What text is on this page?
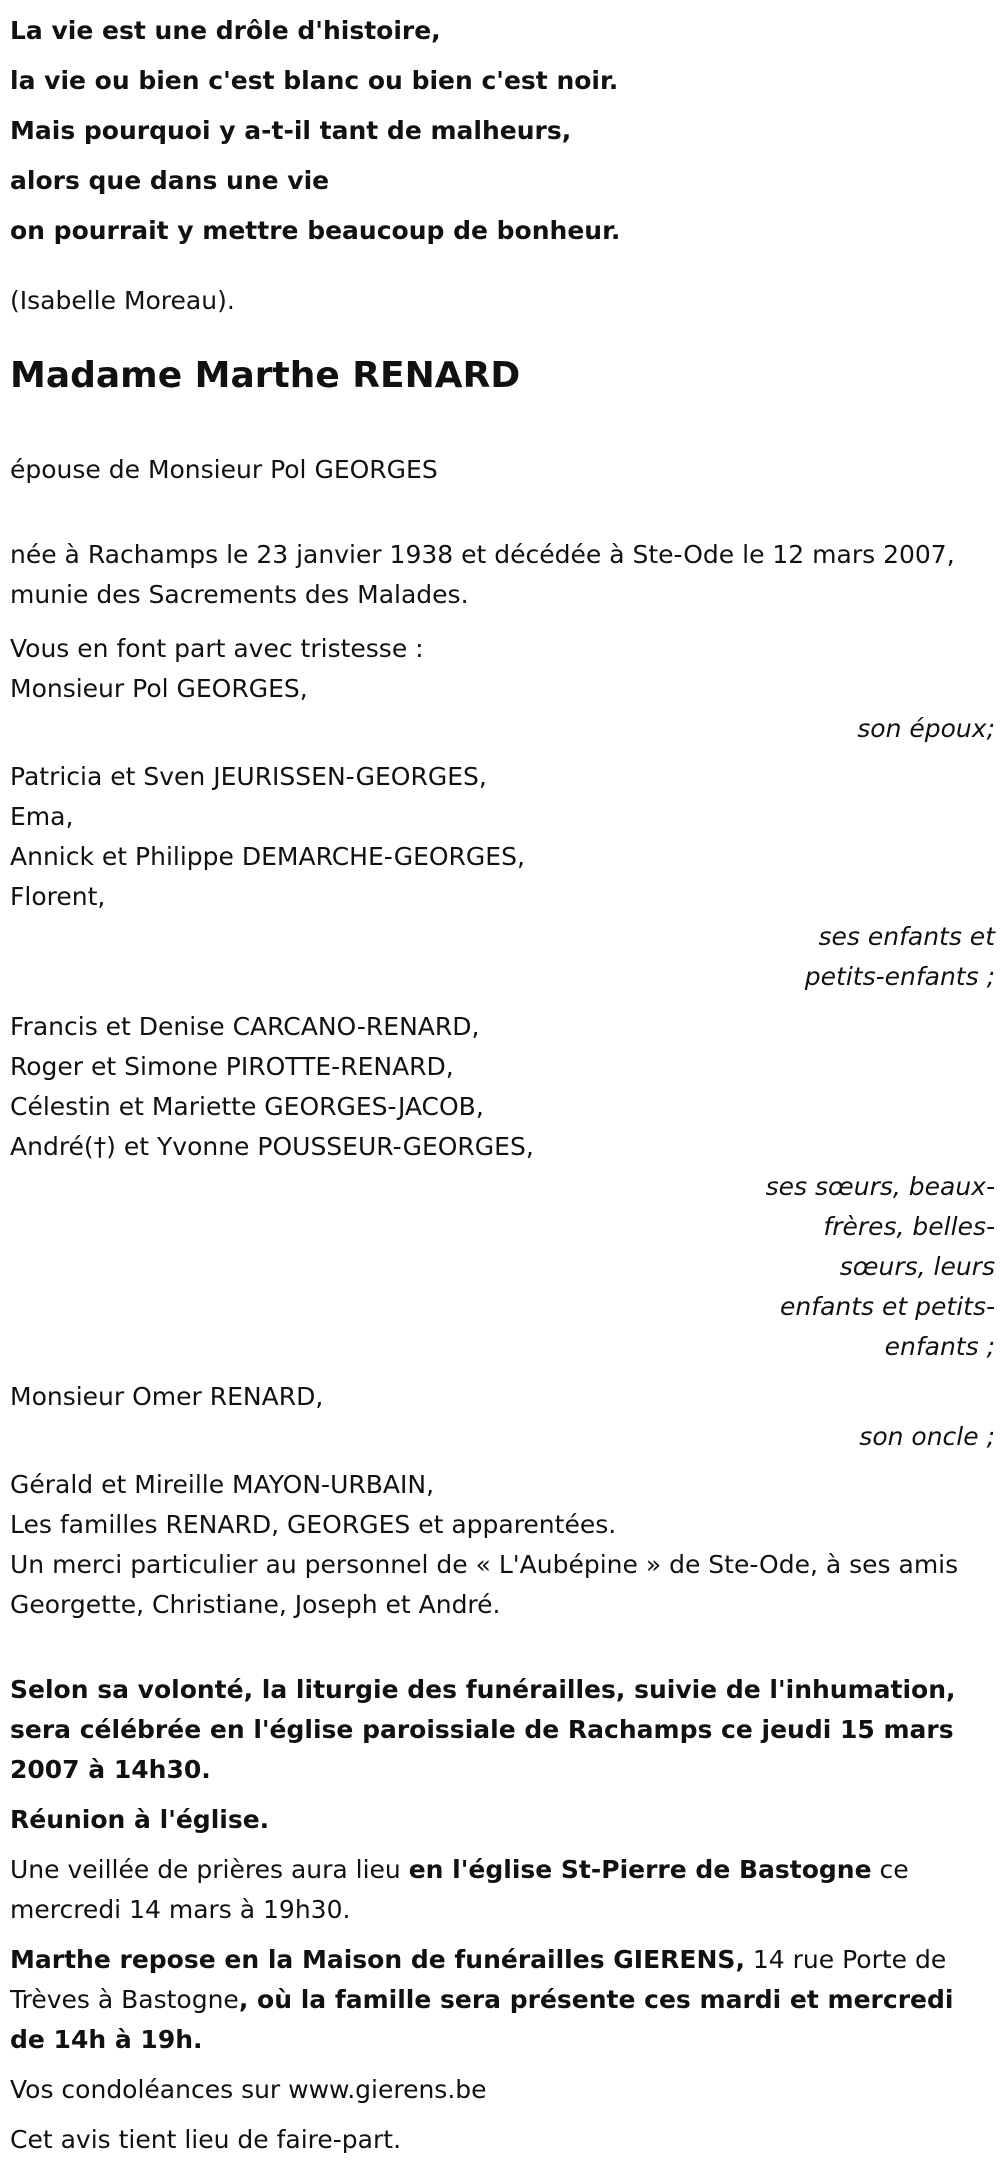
La vie est une drôle d'histoire,
la vie ou bien c'est blanc ou bien c'est noir.
Mais pourquoi y a-t-il tant de malheurs,
alors que dans une vie
on pourrait y mettre beaucoup de bonheur.
(Isabelle Moreau).
Madame Marthe RENARD

épouse de Monsieur Pol GEORGES

née à Rachamps le 23 janvier 1938 et décédée à Ste-Ode le 12 mars 2007, munie des Sacrements des Malades.

Vous en font part avec tristesse :

Monsieur Pol GEORGES,
son époux;
Patricia et Sven JEURISSEN-GEORGES,
Ema,
Annick et Philippe DEMARCHE-GEORGES,
Florent,
ses enfants et
petits-enfants ;
Francis et Denise CARCANO-RENARD,
Roger et Simone PIROTTE-RENARD,
Célestin et Mariette GEORGES-JACOB,
André(†) et Yvonne POUSSEUR-GEORGES,
ses sœurs, beaux-
frères, belles-
sœurs, leurs
enfants et petits-
enfants ;
Monsieur Omer RENARD,
son oncle ;
Gérald et Mireille MAYON-URBAIN,
Les familles RENARD, GEORGES et apparentées.

Un merci particulier au personnel de « L'Aubépine » de Ste-Ode, à ses amis Georgette, Christiane, Joseph et André.

Selon sa volonté, la liturgie des funérailles, suivie de l'inhumation, sera célébrée en l'église paroissiale de Rachamps ce jeudi 15 mars 2007 à 14h30.

Réunion à l'église.

Une veillée de prières aura lieu en l'église St-Pierre de Bastogne ce mercredi 14 mars à 19h30.

Marthe repose en la Maison de funérailles GIERENS, 14 rue Porte de Trèves à Bastogne, où la famille sera présente ces mardi et mercredi de 14h à 19h.

Vos condoléances sur www.gierens.be

Cet avis tient lieu de faire-part.
